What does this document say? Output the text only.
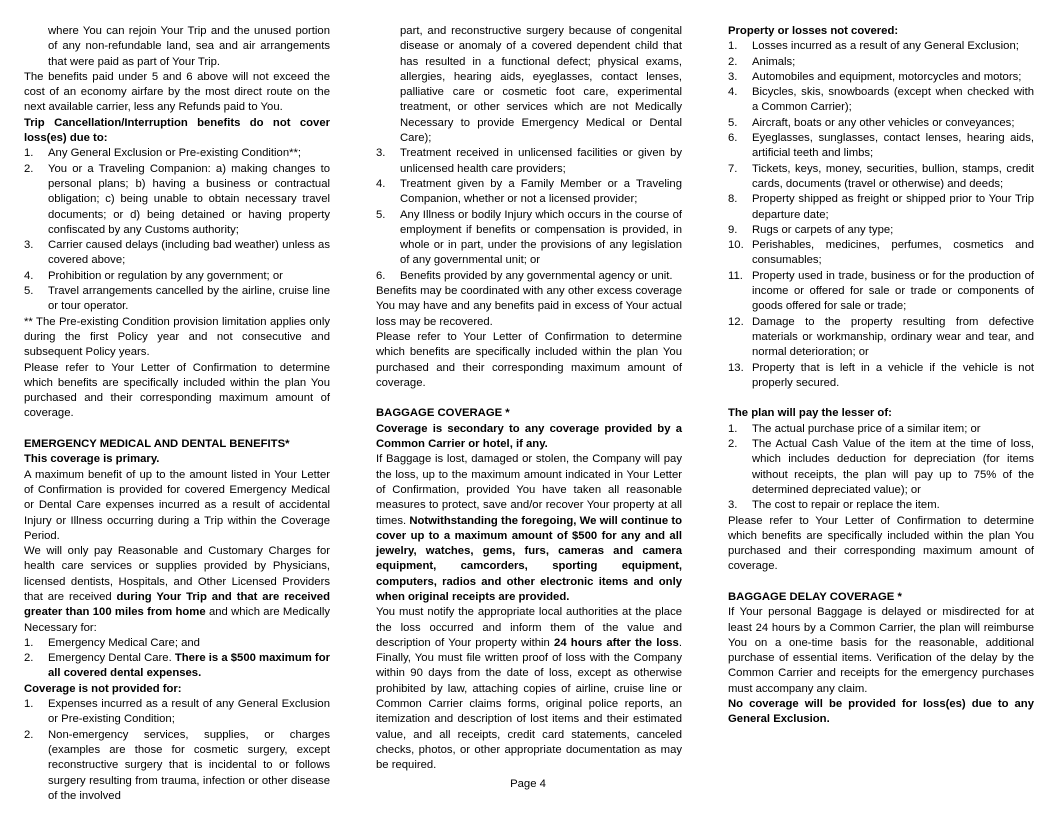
where You can rejoin Your Trip and the unused portion of any non-refundable land, sea and air arrangements that were paid as part of Your Trip.

The benefits paid under 5 and 6 above will not exceed the cost of an economy airfare by the most direct route on the next available carrier, less any Refunds paid to You.

Trip Cancellation/Interruption benefits do not cover loss(es) due to:

1. Any General Exclusion or Pre-existing Condition**;
2. You or a Traveling Companion: a) making changes to personal plans; b) having a business or contractual obligation; c) being unable to obtain necessary travel documents; or d) being detained or having property confiscated by any Customs authority;
3. Carrier caused delays (including bad weather) unless as covered above;
4. Prohibition or regulation by any government; or
5. Travel arrangements cancelled by the airline, cruise line or tour operator.

** The Pre-existing Condition provision limitation applies only during the first Policy year and not consecutive and subsequent Policy years.

Please refer to Your Letter of Confirmation to determine which benefits are specifically included within the plan You purchased and their corresponding maximum amount of coverage.

EMERGENCY MEDICAL AND DENTAL BENEFITS*

This coverage is primary.

A maximum benefit of up to the amount listed in Your Letter of Confirmation is provided for covered Emergency Medical or Dental Care expenses incurred as a result of accidental Injury or Illness occurring during a Trip within the Coverage Period.

We will only pay Reasonable and Customary Charges for health care services or supplies provided by Physicians, licensed dentists, Hospitals, and Other Licensed Providers that are received during Your Trip and that are received greater than 100 miles from home and which are Medically Necessary for:

1. Emergency Medical Care; and
2. Emergency Dental Care. There is a $500 maximum for all covered dental expenses.

Coverage is not provided for:

1. Expenses incurred as a result of any General Exclusion or Pre-existing Condition;
2. Non-emergency services, supplies, or charges (examples are those for cosmetic surgery, except reconstructive surgery that is incidental to or follows surgery resulting from trauma, infection or other disease of the involved
part, and reconstructive surgery because of congenital disease or anomaly of a covered dependent child that has resulted in a functional defect; physical exams, allergies, hearing aids, eyeglasses, contact lenses, palliative care or cosmetic foot care, experimental treatment, or other services which are not Medically Necessary to provide Emergency Medical or Dental Care);
3. Treatment received in unlicensed facilities or given by unlicensed health care providers;
4. Treatment given by a Family Member or a Traveling Companion, whether or not a licensed provider;
5. Any Illness or bodily Injury which occurs in the course of employment if benefits or compensation is provided, in whole or in part, under the provisions of any legislation of any governmental unit; or
6. Benefits provided by any governmental agency or unit.

Benefits may be coordinated with any other excess coverage You may have and any benefits paid in excess of Your actual loss may be recovered.

Please refer to Your Letter of Confirmation to determine which benefits are specifically included within the plan You purchased and their corresponding maximum amount of coverage.

BAGGAGE COVERAGE *

Coverage is secondary to any coverage provided by a Common Carrier or hotel, if any.

If Baggage is lost, damaged or stolen, the Company will pay the loss, up to the maximum amount indicated in Your Letter of Confirmation, provided You have taken all reasonable measures to protect, save and/or recover Your property at all times. Notwithstanding the foregoing, We will continue to cover up to a maximum amount of $500 for any and all jewelry, watches, gems, furs, cameras and camera equipment, camcorders, sporting equipment, computers, radios and other electronic items and only when original receipts are provided.

You must notify the appropriate local authorities at the place the loss occurred and inform them of the value and description of Your property within 24 hours after the loss. Finally, You must file written proof of loss with the Company within 90 days from the date of loss, except as otherwise prohibited by law, attaching copies of airline, cruise line or Common Carrier claims forms, original police reports, an itemization and description of lost items and their estimated value, and all receipts, credit card statements, canceled checks, photos, or other appropriate documentation as may be required.

Property or losses not covered:

1. Losses incurred as a result of any General Exclusion;
2. Animals;
3. Automobiles and equipment, motorcycles and motors;
4. Bicycles, skis, snowboards (except when checked with a Common Carrier);
5. Aircraft, boats or any other vehicles or conveyances;
6. Eyeglasses, sunglasses, contact lenses, hearing aids, artificial teeth and limbs;
7. Tickets, keys, money, securities, bullion, stamps, credit cards, documents (travel or otherwise) and deeds;
8. Property shipped as freight or shipped prior to Your Trip departure date;
9. Rugs or carpets of any type;
10. Perishables, medicines, perfumes, cosmetics and consumables;
11. Property used in trade, business or for the production of income or offered for sale or trade or components of goods offered for sale or trade;
12. Damage to the property resulting from defective materials or workmanship, ordinary wear and tear, and normal deterioration; or
13. Property that is left in a vehicle if the vehicle is not properly secured.

The plan will pay the lesser of:

1. The actual purchase price of a similar item; or
2. The Actual Cash Value of the item at the time of loss, which includes deduction for depreciation (for items without receipts, the plan will pay up to 75% of the determined depreciated value); or
3. The cost to repair or replace the item.

Please refer to Your Letter of Confirmation to determine which benefits are specifically included within the plan You purchased and their corresponding maximum amount of coverage.

BAGGAGE DELAY COVERAGE *

If Your personal Baggage is delayed or misdirected for at least 24 hours by a Common Carrier, the plan will reimburse You on a one-time basis for the reasonable, additional purchase of essential items. Verification of the delay by the Common Carrier and receipts for the emergency purchases must accompany any claim.

No coverage will be provided for loss(es) due to any General Exclusion.

Page 4
